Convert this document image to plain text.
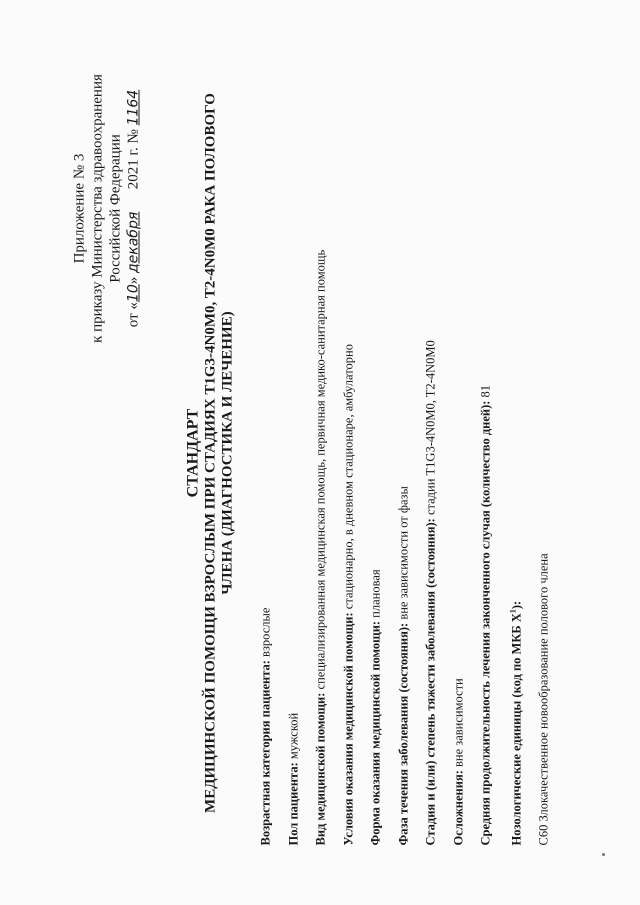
Приложение № 3 к приказу Министерства здравоохранения Российской Федерации
от «10» декабря      2021 г. № 1164
СТАНДАРТ МЕДИЦИНСКОЙ ПОМОЩИ ВЗРОСЛЫМ ПРИ СТАДИЯХ T1G3-4N0M0, T2-4N0M0 РАКА ПОЛОВОГО ЧЛЕНА (ДИАГНОСТИКА И ЛЕЧЕНИЕ)
Возрастная категория пациента: взрослые
Пол пациента: мужской Вид медицинской помощи: специализированная медицинская помощь, первичная медико-санитарная помощь
Условия оказания медицинской помощи: стационарно, в дневном стационаре, амбулаторно
Форма оказания медицинской помощи: плановая
Фаза течения заболевания (состояния): вне зависимости от фазы Стадия и (или) степень тяжести заболевания (состояния): стадии T1G3-4N0M0, T2-4N0M0
Осложнения: вне зависимости Средняя продолжительность лечения законченного случая (количество дней): 81
Нозологические единицы (код по МКБ $X^1$): C60 Злокачественное новообразование полового члена
